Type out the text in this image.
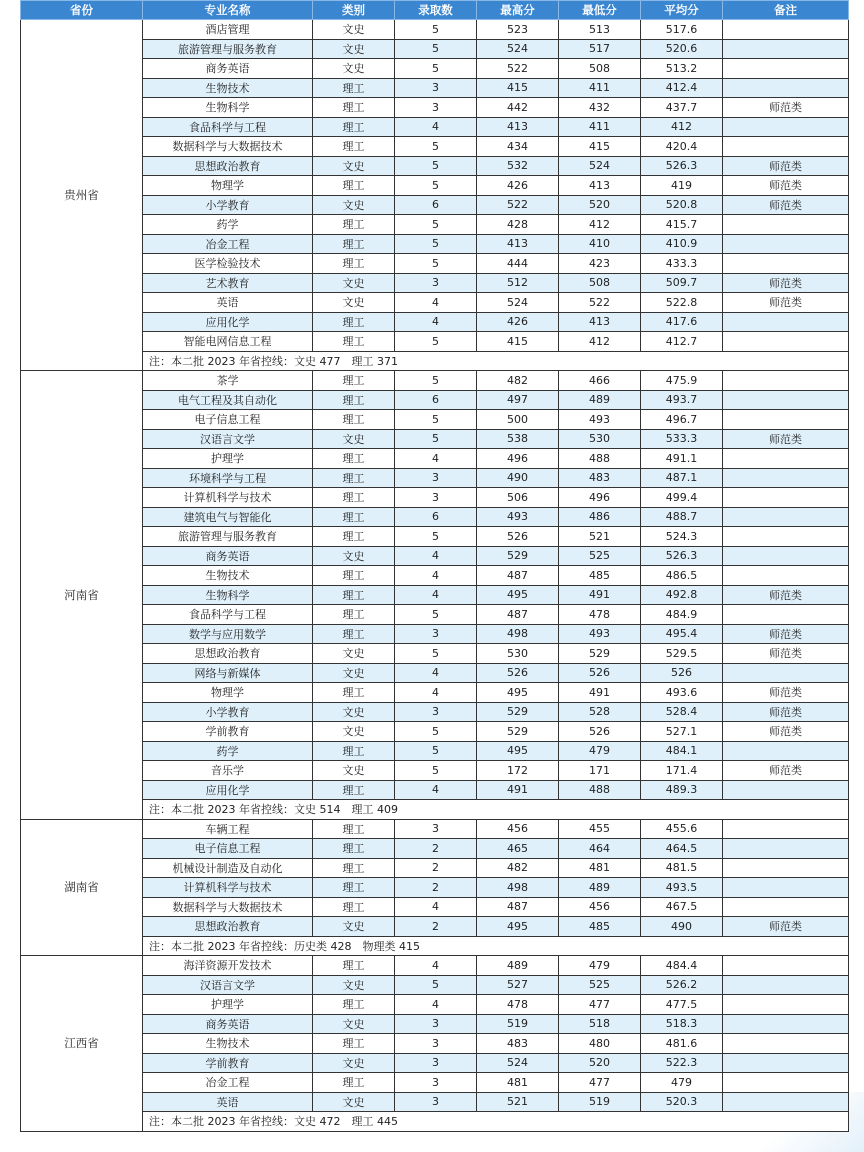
省份	专业名称	类别	录取数	最高分	最低分	平均分	备注
贵州省	酒店管理	文史	5	523	513	517.6	
	旅游管理与服务教育	文史	5	524	517	520.6	
	商务英语	文史	5	522	508	513.2	
	生物技术	理工	3	415	411	412.4	
	生物科学	理工	3	442	432	437.7	师范类
	食品科学与工程	理工	4	413	411	412	
	数据科学与大数据技术	理工	5	434	415	420.4	
	思想政治教育	文史	5	532	524	526.3	师范类
	物理学	理工	5	426	413	419	师范类
	小学教育	文史	6	522	520	520.8	师范类
	药学	理工	5	428	412	415.7	
	冶金工程	理工	5	413	410	410.9	
	医学检验技术	理工	5	444	423	433.3	
	艺术教育	文史	3	512	508	509.7	师范类
	英语	文史	4	524	522	522.8	师范类
	应用化学	理工	4	426	413	417.6	
	智能电网信息工程	理工	5	415	412	412.7	
	注：本二批 2023 年省控线：文史 477　理工 371						
河南省	茶学	理工	5	482	466	475.9	
	电气工程及其自动化	理工	6	497	489	493.7	
	电子信息工程	理工	5	500	493	496.7	
	汉语言文学	文史	5	538	530	533.3	师范类
	护理学	理工	4	496	488	491.1	
	环境科学与工程	理工	3	490	483	487.1	
	计算机科学与技术	理工	3	506	496	499.4	
	建筑电气与智能化	理工	6	493	486	488.7	
	旅游管理与服务教育	理工	5	526	521	524.3	
	商务英语	文史	4	529	525	526.3	
	生物技术	理工	4	487	485	486.5	
	生物科学	理工	4	495	491	492.8	师范类
	食品科学与工程	理工	5	487	478	484.9	
	数学与应用数学	理工	3	498	493	495.4	师范类
	思想政治教育	文史	5	530	529	529.5	师范类
	网络与新媒体	文史	4	526	526	526	
	物理学	理工	4	495	491	493.6	师范类
	小学教育	文史	3	529	528	528.4	师范类
	学前教育	文史	5	529	526	527.1	师范类
	药学	理工	5	495	479	484.1	
	音乐学	文史	5	172	171	171.4	师范类
	应用化学	理工	4	491	488	489.3	
	注：本二批 2023 年省控线：文史 514　理工 409						
湖南省	车辆工程	理工	3	456	455	455.6	
	电子信息工程	理工	2	465	464	464.5	
	机械设计制造及自动化	理工	2	482	481	481.5	
	计算机科学与技术	理工	2	498	489	493.5	
	数据科学与大数据技术	理工	4	487	456	467.5	
	思想政治教育	文史	2	495	485	490	师范类
	注：本二批 2023 年省控线：历史类 428　物理类 415						
江西省	海洋资源开发技术	理工	4	489	479	484.4	
	汉语言文学	文史	5	527	525	526.2	
	护理学	理工	4	478	477	477.5	
	商务英语	文史	3	519	518	518.3	
	生物技术	理工	3	483	480	481.6	
	学前教育	文史	3	524	520	522.3	
	冶金工程	理工	3	481	477	479	
	英语	文史	3	521	519	520.3	
	注：本二批 2023 年省控线：文史 472　理工 445						
